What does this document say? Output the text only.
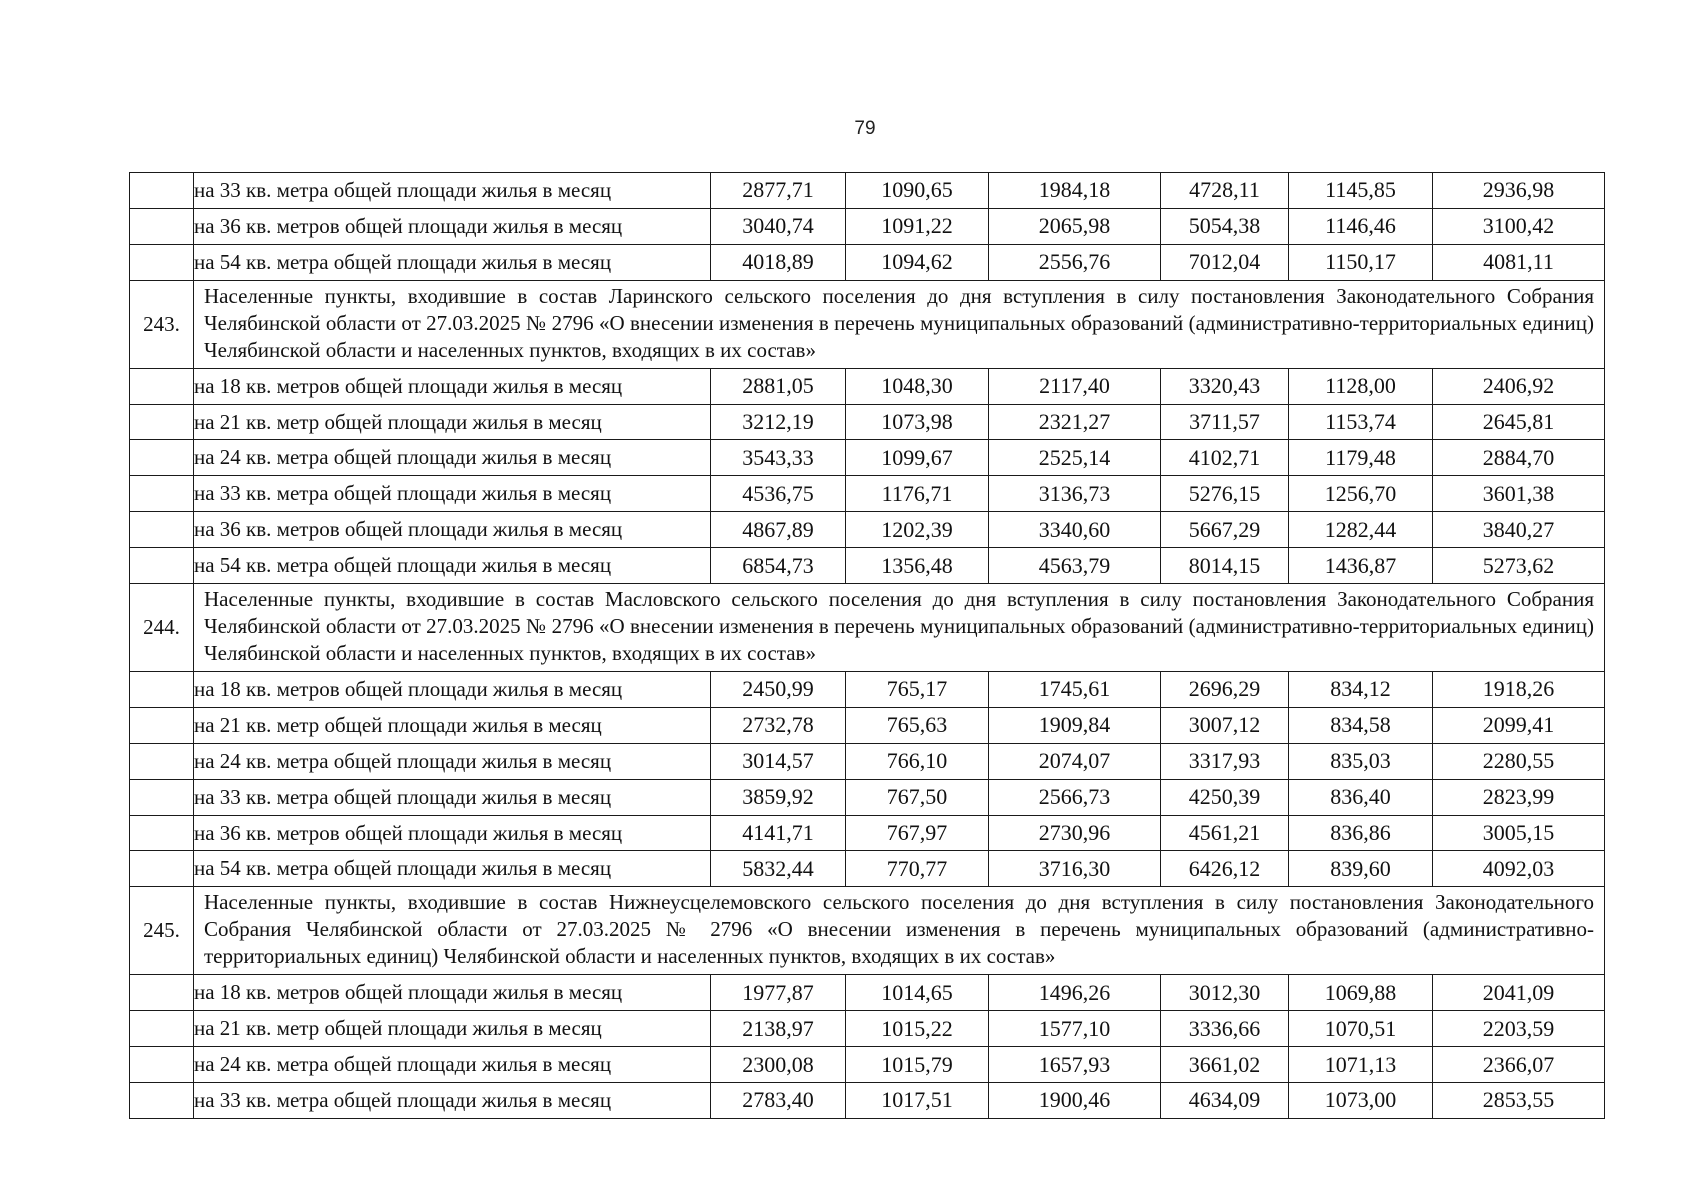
79
	на 33 кв. метра общей площади жилья в месяц	2877,71	1090,65	1984,18	4728,11	1145,85	2936,98
	на 36 кв. метров общей площади жилья в месяц	3040,74	1091,22	2065,98	5054,38	1146,46	3100,42
	на 54 кв. метра общей площади жилья в месяц	4018,89	1094,62	2556,76	7012,04	1150,17	4081,11
243.	Населенные пункты, входившие в состав Ларинского сельского поселения до дня вступления в силу постановления Законодательного Собрания Челябинской области от 27.03.2025 № 2796 «О внесении изменения в перечень муниципальных образований (административно-территориальных единиц) Челябинской области и населенных пунктов, входящих в их состав»						
	на 18 кв. метров общей площади жилья в месяц	2881,05	1048,30	2117,40	3320,43	1128,00	2406,92
	на 21 кв. метр общей площади жилья в месяц	3212,19	1073,98	2321,27	3711,57	1153,74	2645,81
	на 24 кв. метра общей площади жилья в месяц	3543,33	1099,67	2525,14	4102,71	1179,48	2884,70
	на 33 кв. метра общей площади жилья в месяц	4536,75	1176,71	3136,73	5276,15	1256,70	3601,38
	на 36 кв. метров общей площади жилья в месяц	4867,89	1202,39	3340,60	5667,29	1282,44	3840,27
	на 54 кв. метра общей площади жилья в месяц	6854,73	1356,48	4563,79	8014,15	1436,87	5273,62
244.	Населенные пункты, входившие в состав Масловского сельского поселения до дня вступления в силу постановления Законодательного Собрания Челябинской области от 27.03.2025 № 2796 «О внесении изменения в перечень муниципальных образований (административно-территориальных единиц) Челябинской области и населенных пунктов, входящих в их состав»						
	на 18 кв. метров общей площади жилья в месяц	2450,99	765,17	1745,61	2696,29	834,12	1918,26
	на 21 кв. метр общей площади жилья в месяц	2732,78	765,63	1909,84	3007,12	834,58	2099,41
	на 24 кв. метра общей площади жилья в месяц	3014,57	766,10	2074,07	3317,93	835,03	2280,55
	на 33 кв. метра общей площади жилья в месяц	3859,92	767,50	2566,73	4250,39	836,40	2823,99
	на 36 кв. метров общей площади жилья в месяц	4141,71	767,97	2730,96	4561,21	836,86	3005,15
	на 54 кв. метра общей площади жилья в месяц	5832,44	770,77	3716,30	6426,12	839,60	4092,03
245.	Населенные пункты, входившие в состав Нижнеусцелемовского сельского поселения до дня вступления в силу постановления Законодательного Собрания Челябинской области от 27.03.2025 № 2796 «О внесении изменения в перечень муниципальных образований (административно-территориальных единиц) Челябинской области и населенных пунктов, входящих в их состав»						
	на 18 кв. метров общей площади жилья в месяц	1977,87	1014,65	1496,26	3012,30	1069,88	2041,09
	на 21 кв. метр общей площади жилья в месяц	2138,97	1015,22	1577,10	3336,66	1070,51	2203,59
	на 24 кв. метра общей площади жилья в месяц	2300,08	1015,79	1657,93	3661,02	1071,13	2366,07
	на 33 кв. метра общей площади жилья в месяц	2783,40	1017,51	1900,46	4634,09	1073,00	2853,55
